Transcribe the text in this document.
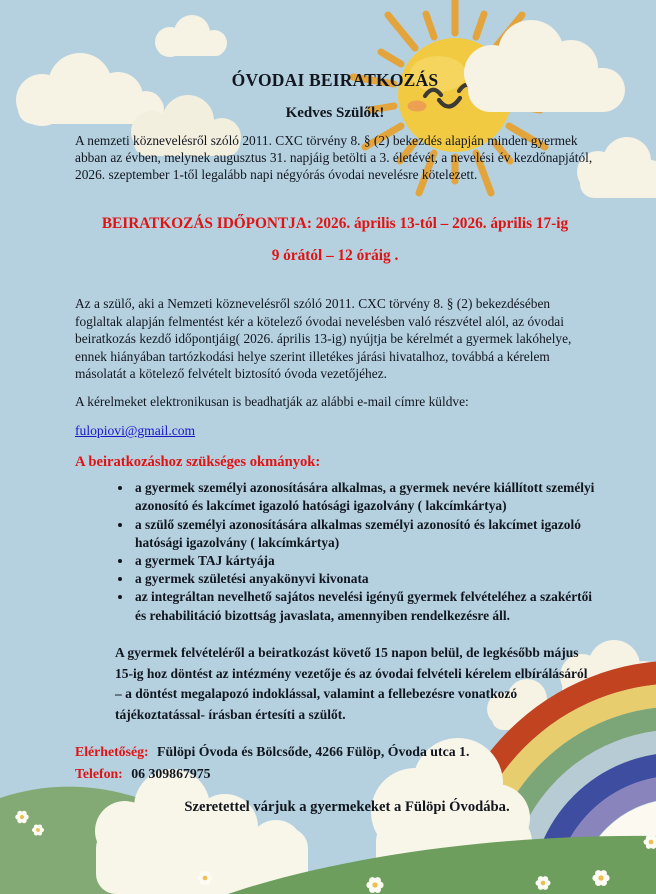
ÓVODAI BEIRATKOZÁS
Kedves Szülők!

A nemzeti köznevelésről szóló 2011. CXC törvény 8. § (2) bekezdés alapján minden gyermek abban az évben, melynek augusztus 31. napjáig betölti a 3. életévét, a nevelési év kezdőnapjától, 2026. szeptember 1-től legalább napi négyórás óvodai nevelésre kötelezett.

BEIRATKOZÁS IDŐPONTJA: 2026. április 13-tól – 2026. április 17-ig

9 órától – 12 óráig .

Az a szülő, aki a Nemzeti köznevelésről szóló 2011. CXC törvény 8. § (2) bekezdésében foglaltak alapján felmentést kér a kötelező óvodai nevelésben való részvétel alól, az óvodai beiratkozás kezdő időpontjáig( 2026. április 13-ig) nyújtja be kérelmét a gyermek lakóhelye, ennek hiányában tartózkodási helye szerint illetékes járási hivatalhoz, továbbá a kérelem másolatát a kötelező felvételt biztosító óvoda vezetőjéhez.

A kérelmeket elektronikusan is beadhatják az alábbi e-mail címre küldve:

fulopiovi@gmail.com
A beiratkozáshoz szükséges okmányok:
• a gyermek személyi azonosítására alkalmas, a gyermek nevére kiállított személyi azonosító és lakcímet igazoló hatósági igazolvány ( lakcímkártya)
• a szülő személyi azonosítására alkalmas személyi azonosító és lakcímet igazoló hatósági igazolvány ( lakcímkártya)
• a gyermek TAJ kártyája
• a gyermek születési anyakönyvi kivonata
• az integráltan nevelhető sajátos nevelési igényű gyermek felvételéhez a szakértői és rehabilitáció bizottság javaslata, amennyiben rendelkezésre áll.

A gyermek felvételéről a beiratkozást követő 15 napon belül, de legkésőbb május 15-ig hoz döntést az intézmény vezetője és az óvodai felvételi kérelem elbírálásáról – a döntést megalapozó indoklással, valamint a fellebezésre vonatkozó tájékoztatással- írásban értesíti a szülőt.

Elérhetőség: Fülöpi Óvoda és Bölcsőde, 4266 Fülöp, Óvoda utca 1.

Telefon: 06 309867975

Szeretettel várjuk a gyermekeket a Fülöpi Óvodába.
